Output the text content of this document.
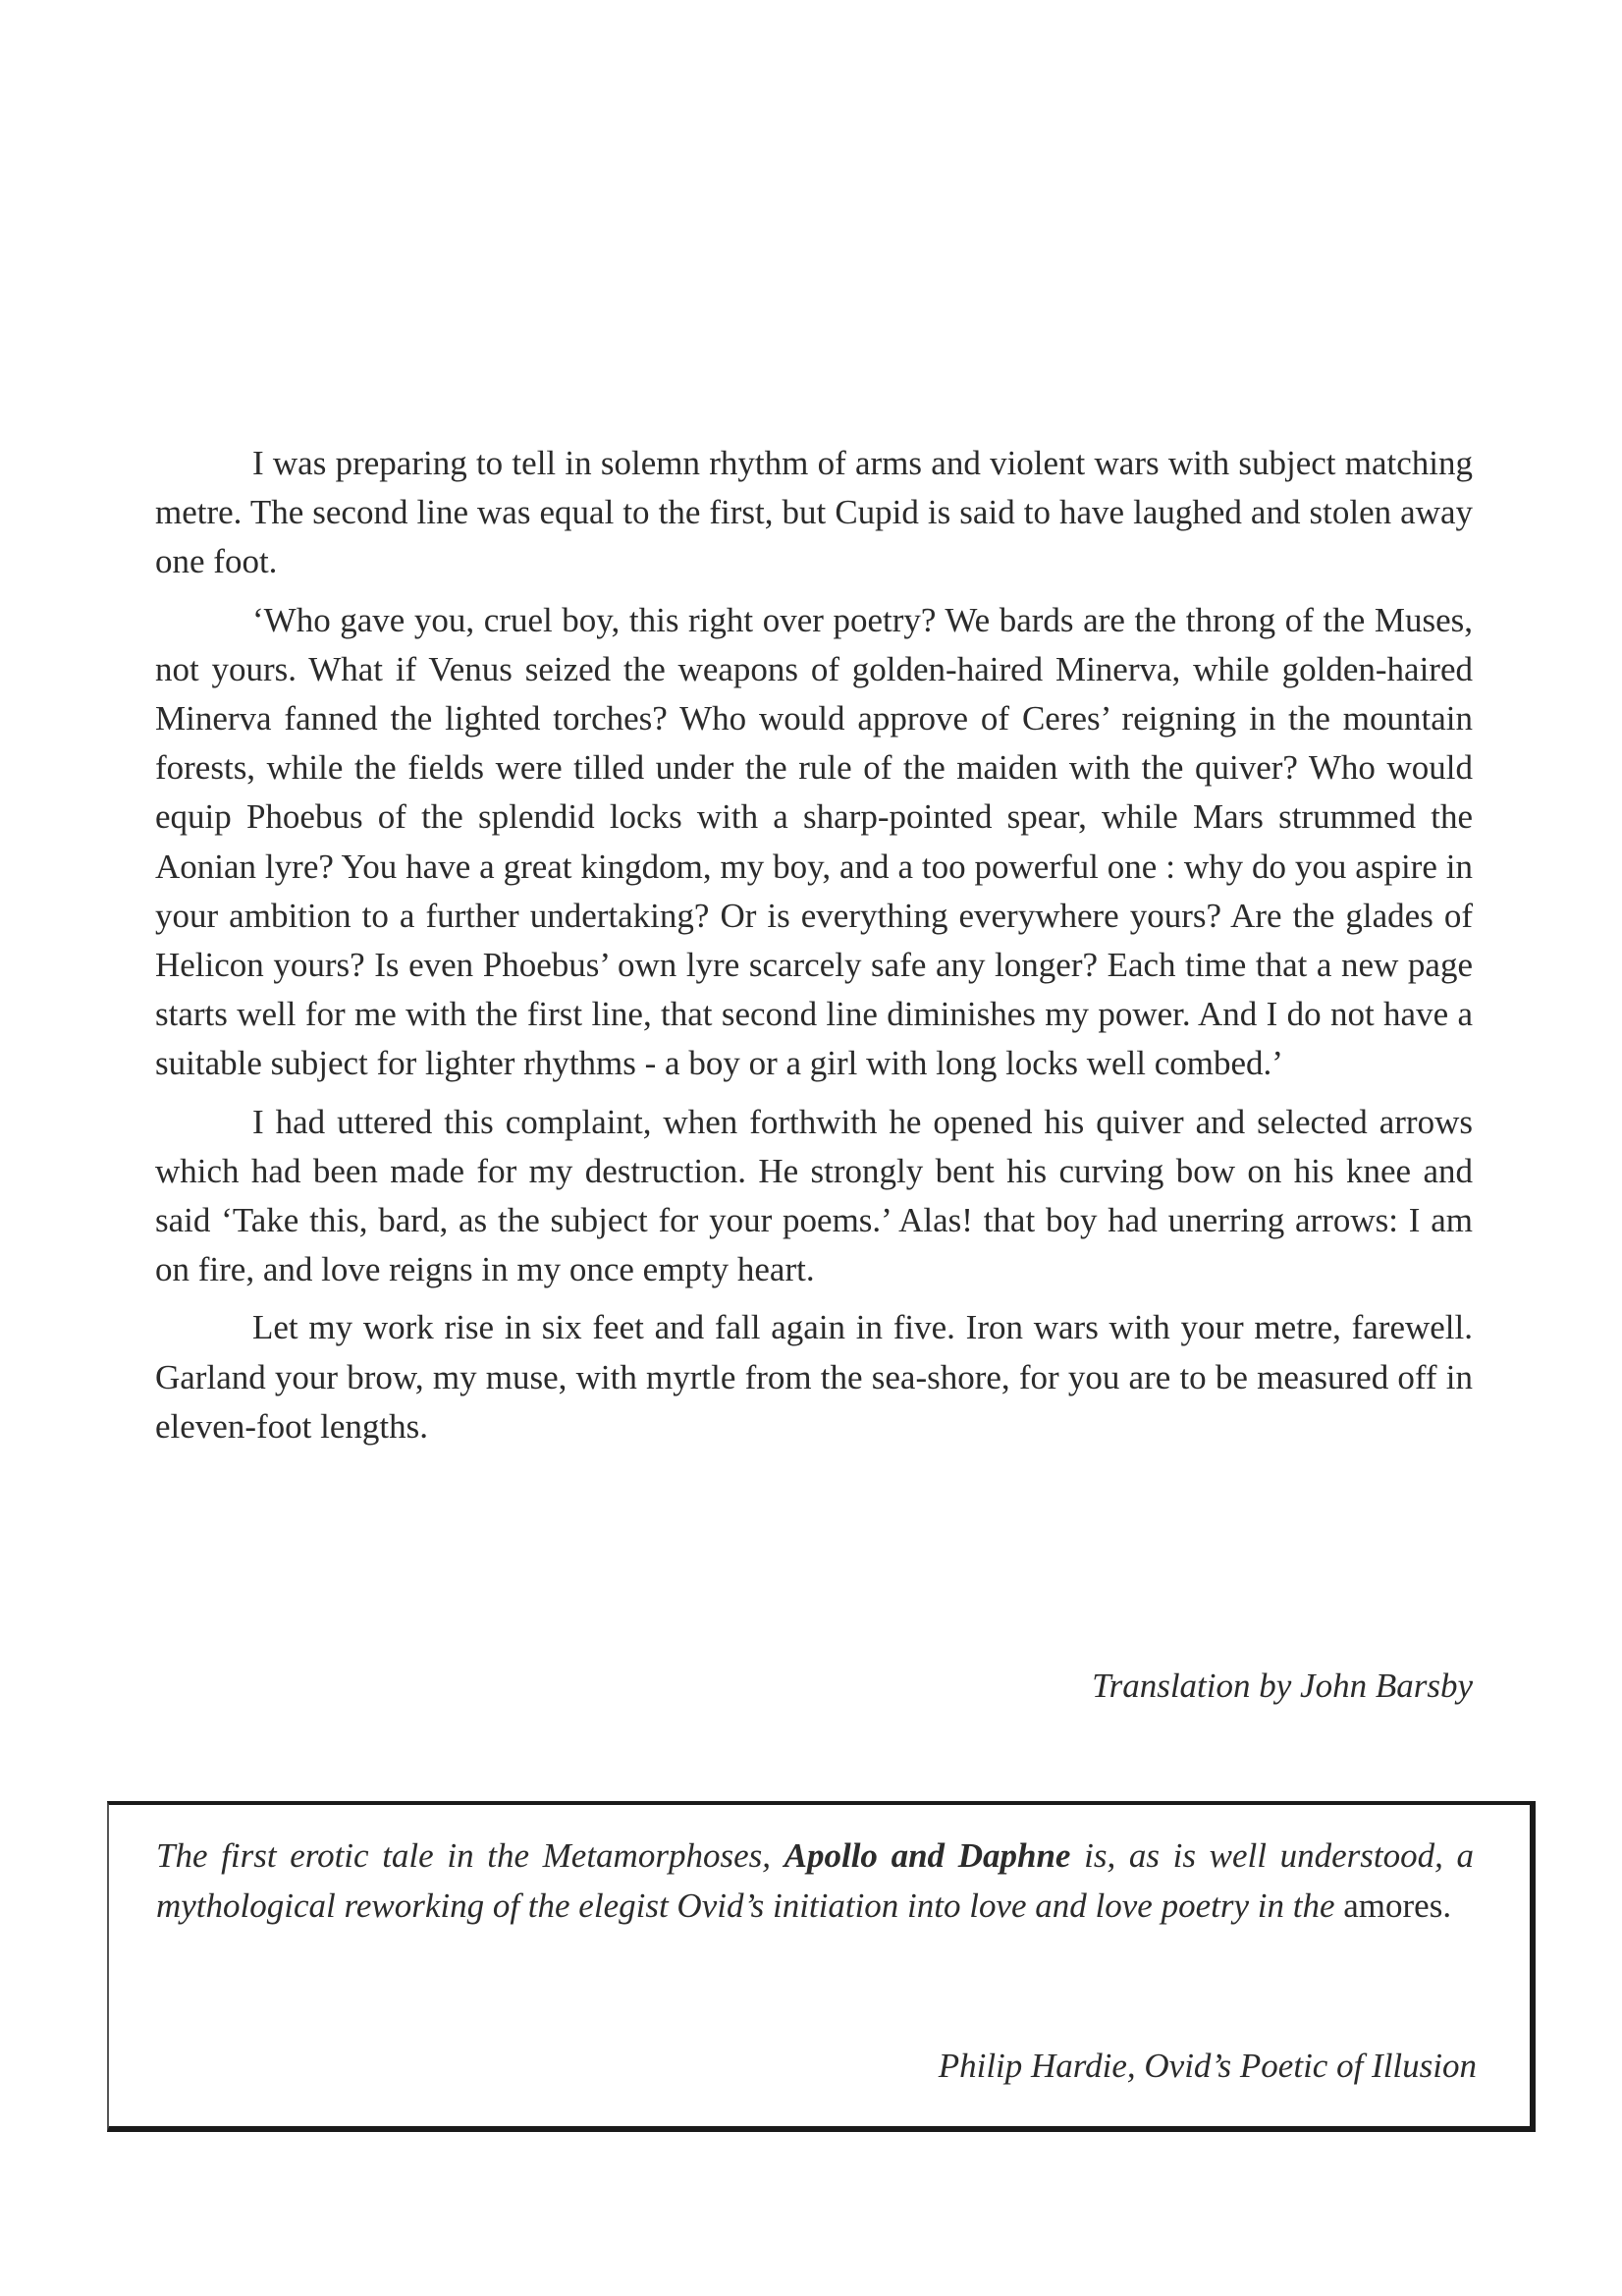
I was preparing to tell in solemn rhythm of arms and violent wars with subject matching metre. The second line was equal to the first, but Cupid is said to have laughed and stolen away one foot.

‘Who gave you, cruel boy, this right over poetry? We bards are the throng of the Muses, not yours. What if Venus seized the weapons of golden-haired Minerva, while golden-haired Minerva fanned the lighted torches? Who would approve of Ceres’ reigning in the mountain forests, while the fields were tilled under the rule of the maiden with the quiver? Who would equip Phoebus of the splendid locks with a sharp-pointed spear, while Mars strummed the Aonian lyre? You have a great kingdom, my boy, and a too powerful one : why do you aspire in your ambition to a further undertaking? Or is everything everywhere yours? Are the glades of Helicon yours? Is even Phoebus’ own lyre scarcely safe any longer? Each time that a new page starts well for me with the first line, that second line diminishes my power. And I do not have a suitable subject for lighter rhythms - a boy or a girl with long locks well combed.’

I had uttered this complaint, when forthwith he opened his quiver and selected arrows which had been made for my destruction. He strongly bent his curving bow on his knee and said ‘Take this, bard, as the subject for your poems.’ Alas! that boy had unerring arrows: I am on fire, and love reigns in my once empty heart.

Let my work rise in six feet and fall again in five. Iron wars with your metre, farewell. Garland your brow, my muse, with myrtle from the sea-shore, for you are to be measured off in eleven-foot lengths.

Translation by John Barsby

The first erotic tale in the Metamorphoses, Apollo and Daphne is, as is well understood, a mythological reworking of the elegist Ovid’s initiation into love and love poetry in the amores.

Philip Hardie, Ovid’s Poetic of Illusion
